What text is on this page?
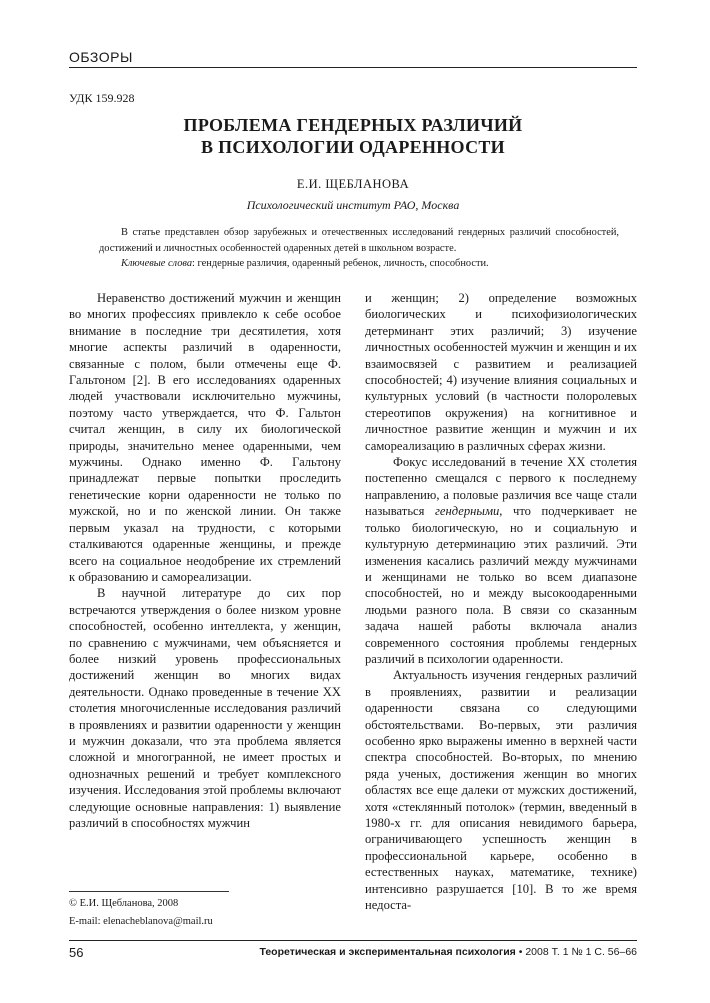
ОБЗОРЫ
УДК 159.928
ПРОБЛЕМА ГЕНДЕРНЫХ РАЗЛИЧИЙ
В ПСИХОЛОГИИ ОДАРЕННОСТИ
Е.И. ЩЕБЛАНОВА
Психологический институт РАО, Москва

В статье представлен обзор зарубежных и отечественных исследований гендерных различий способностей, достижений и личностных особенностей одаренных детей в школьном возрасте.

Ключевые слова: гендерные различия, одаренный ребенок, личность, способности.

Неравенство достижений мужчин и женщин во многих профессиях привлекло к себе особое внимание в последние три десятилетия, хотя многие аспекты различий в одаренности, связанные с полом, были отмечены еще Ф. Гальтоном [2]. В его исследованиях одаренных людей участвовали исключительно мужчины, поэтому часто утверждается, что Ф. Гальтон считал женщин, в силу их биологической природы, значительно менее одаренными, чем мужчины. Однако именно Ф. Гальтону принадлежат первые попытки проследить генетические корни одаренности не только по мужской, но и по женской линии. Он также первым указал на трудности, с которыми сталкиваются одаренные женщины, и прежде всего на социальное неодобрение их стремлений к образованию и самореализации.

В научной литературе до сих пор встречаются утверждения о более низком уровне способностей, особенно интеллекта, у женщин, по сравнению с мужчинами, чем объясняется и более низкий уровень профессиональных достижений женщин во многих видах деятельности. Однако проведенные в течение XX столетия многочисленные исследования различий в проявлениях и развитии одаренности у женщин и мужчин доказали, что эта проблема является сложной и многогранной, не имеет простых и однозначных решений и требует комплексного изучения. Исследования этой проблемы включают следующие основные направления: 1) выявление различий в способностях мужчин

и женщин; 2) определение возможных биологических и психофизиологических детерминант этих различий; 3) изучение личностных особенностей мужчин и женщин и их взаимосвязей с развитием и реализацией способностей; 4) изучение влияния социальных и культурных условий (в частности полоролевых стереотипов окружения) на когнитивное и личностное развитие женщин и мужчин и их самореализацию в различных сферах жизни.

Фокус исследований в течение XX столетия постепенно смещался с первого к последнему направлению, а половые различия все чаще стали называться гендерными, что подчеркивает не только биологическую, но и социальную и культурную детерминацию этих различий. Эти изменения касались различий между мужчинами и женщинами не только во всем диапазоне способностей, но и между высокоодаренными людьми разного пола. В связи со сказанным задача нашей работы включала анализ современного состояния проблемы гендерных различий в психологии одаренности.

Актуальность изучения гендерных различий в проявлениях, развитии и реализации одаренности связана со следующими обстоятельствами. Во-первых, эти различия особенно ярко выражены именно в верхней части спектра способностей. Во-вторых, по мнению ряда ученых, достижения женщин во многих областях все еще далеки от мужских достижений, хотя «стеклянный потолок» (термин, введенный в 1980-х гг. для описания невидимого барьера, ограничивающего успешность женщин в профессиональной карьере, особенно в естественных науках, математике, технике) интенсивно разрушается [10]. В то же время недоста-

© Е.И. Щебланова, 2008
E-mail: elenacheblanova@mail.ru
56	Теоретическая и экспериментальная психология • 2008 Т. 1 № 1 С. 56–66
